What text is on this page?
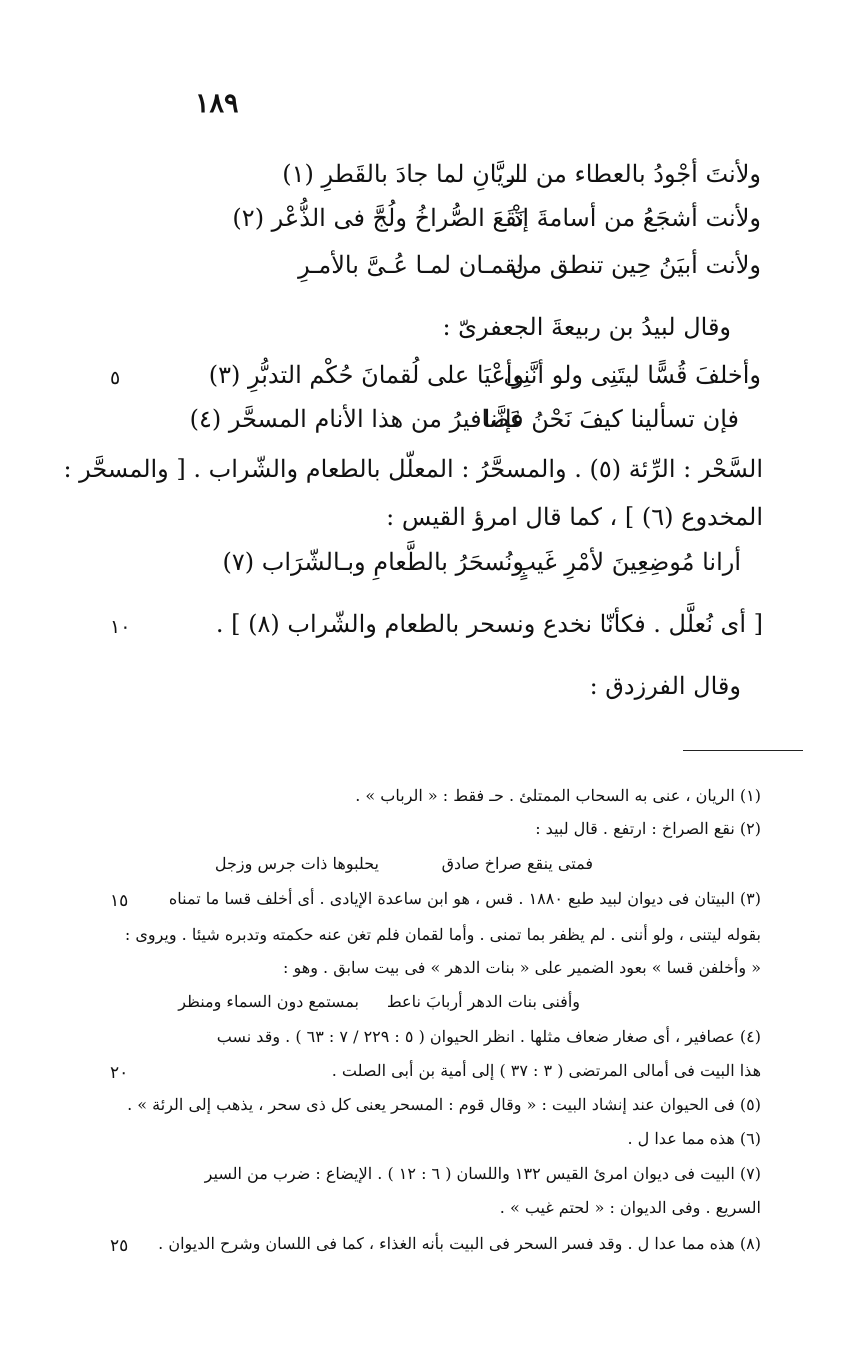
١٨٩
ولأنتَ أجْودُ بالعطاء من الـ
ـريَّانِ لما جادَ بالقَطرِ (١)
ولأنت أشجَعُ من أسامةَ إذْ
نَقَعَ الصُّراخُ ولُجَّ فى الذُّعْر (٢)
ولأنت أبيَنُ حِين تنطق من
لقمـان لمـا عُـىَّ بالأمـرِ
وقال لبيدُ بن ربيعةَ الجعفرىّ :
وأخلفَ قُسًّا ليتَنِى ولو أنَّنِى
وأعْيَا على لُقمانَ حُكْم التدبُّرِ (٣)
٥
فإن تسألينا كيفَ نَحْنُ فإنَّنا
عَصافيرُ من هذا الأنام المسحَّر (٤)
السَّحْر : الرِّئة (٥) . والمسحَّرُ : المعلّل بالطعام والشّراب . [ والمسحَّر :
المخدوع (٦) ] ، كما قال امرؤ القيس :
أرانا مُوضِعِينَ لأمْرِ غَيبٍ
ونُسحَرُ بالطَّعامِ وبـالشّرَاب (٧)
[ أى نُعلَّل . فكأنّا نخدع ونسحر بالطعام والشّراب (٨) ] .
١٠
وقال الفرزدق :
(١) الريان ، عنى به السحاب الممتلئ . حـ فقط : « الرباب » .
(٢) نقع الصراخ : ارتفع . قال لبيد :
فمتى ينقع صراخ صادق
يحلبوها ذات جرس وزجل
(٣) البيتان فى ديوان لبيد طبع ١٨٨٠ . قس ، هو ابن ساعدة الإيادى . أى أخلف قسا ما تمناه
١٥
بقوله ليتنى ، ولو أننى . لم يظفر بما تمنى . وأما لقمان فلم تغن عنه حكمته وتدبره شيئا . ويروى :
« وأخلفن قسا » بعود الضمير على « بنات الدهر » فى بيت سابق . وهو :
وأفنى بنات الدهر أربابَ ناعط
بمستمع دون السماء ومنظر
(٤) عصافير ، أى صغار ضعاف مثلها . انظر الحيوان ( ٥ : ٢٢٩ / ٧ : ٦٣ ) . وقد نسب
هذا البيت فى أمالى المرتضى ( ٣ : ٣٧ ) إلى أمية بن أبى الصلت .
٢٠
(٥) فى الحيوان عند إنشاد البيت : « وقال قوم : المسحر يعنى كل ذى سحر ، يذهب إلى الرئة » .
(٦) هذه مما عدا ل .
(٧) البيت فى ديوان امرئ القيس ١٣٢ واللسان ( ٦ : ١٢ ) . الإيضاع : ضرب من السير
السريع . وفى الديوان : « لحتم غيب » .
(٨) هذه مما عدا ل . وقد فسر السحر فى البيت بأنه الغذاء ، كما فى اللسان وشرح الديوان .
٢٥
